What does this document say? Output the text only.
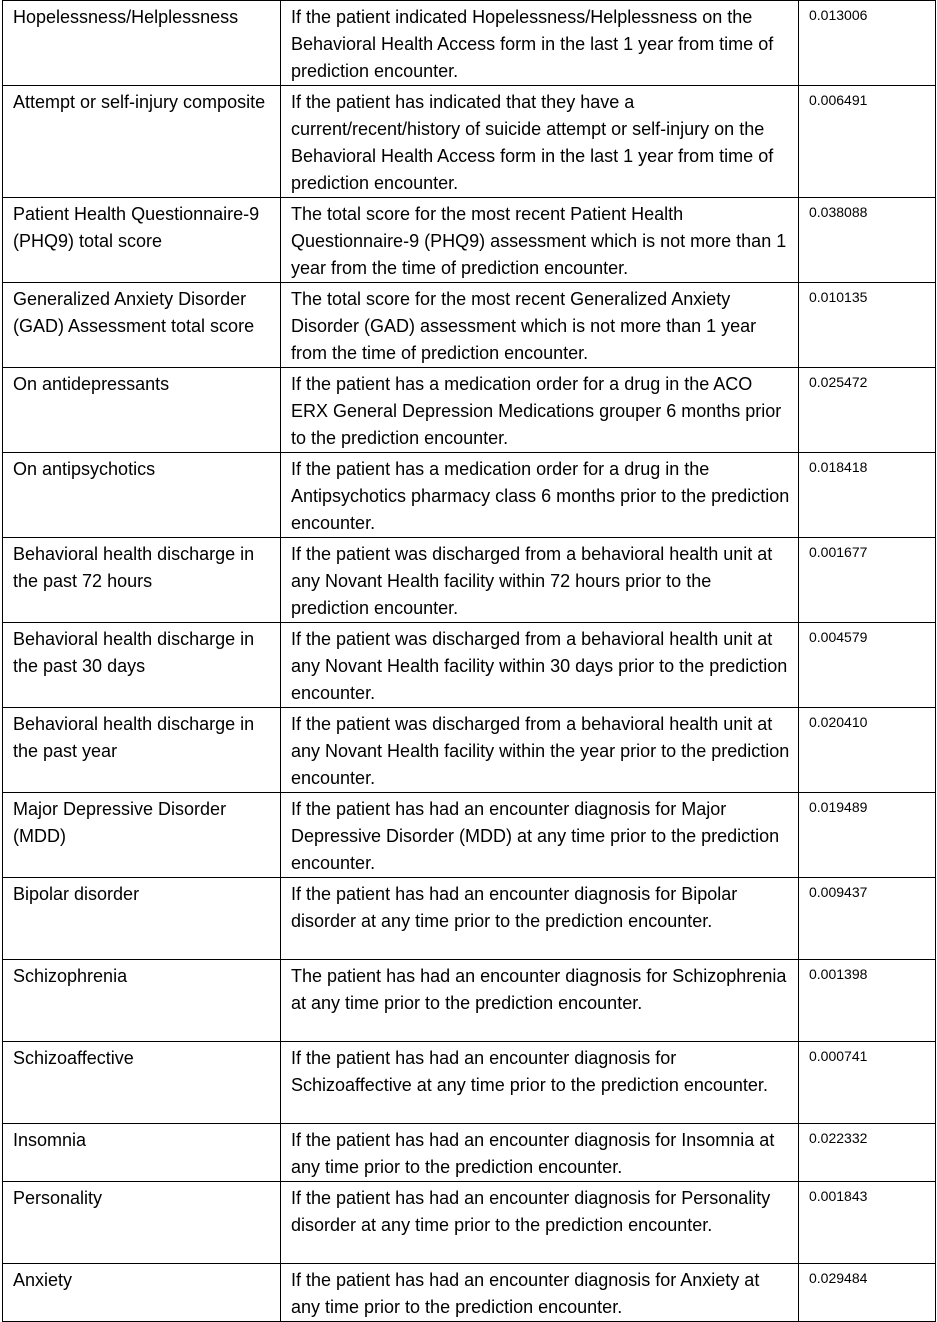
Hopelessness/Helplessness	If the patient indicated Hopelessness/Helplessness on the Behavioral Health Access form in the last 1 year from time of prediction encounter.	0.013006
Attempt or self-injury composite	If the patient has indicated that they have a current/recent/history of suicide attempt or self-injury on the Behavioral Health Access form in the last 1 year from time of prediction encounter.	0.006491
Patient Health Questionnaire-9 (PHQ9) total score	The total score for the most recent Patient Health Questionnaire-9 (PHQ9) assessment which is not more than 1 year from the time of prediction encounter.	0.038088
Generalized Anxiety Disorder (GAD) Assessment total score	The total score for the most recent Generalized Anxiety Disorder (GAD) assessment which is not more than 1 year from the time of prediction encounter.	0.010135
On antidepressants	If the patient has a medication order for a drug in the ACO ERX General Depression Medications grouper 6 months prior to the prediction encounter.	0.025472
On antipsychotics	If the patient has a medication order for a drug in the Antipsychotics pharmacy class 6 months prior to the prediction encounter.	0.018418
Behavioral health discharge in the past 72 hours	If the patient was discharged from a behavioral health unit at any Novant Health facility within 72 hours prior to the prediction encounter.	0.001677
Behavioral health discharge in the past 30 days	If the patient was discharged from a behavioral health unit at any Novant Health facility within 30 days prior to the prediction encounter.	0.004579
Behavioral health discharge in the past year	If the patient was discharged from a behavioral health unit at any Novant Health facility within the year prior to the prediction encounter.	0.020410
Major Depressive Disorder (MDD)	If the patient has had an encounter diagnosis for Major Depressive Disorder (MDD) at any time prior to the prediction encounter.	0.019489
Bipolar disorder	If the patient has had an encounter diagnosis for Bipolar disorder at any time prior to the prediction encounter.	0.009437
Schizophrenia	The patient has had an encounter diagnosis for Schizophrenia at any time prior to the prediction encounter.	0.001398
Schizoaffective	If the patient has had an encounter diagnosis for Schizoaffective at any time prior to the prediction encounter.	0.000741
Insomnia	If the patient has had an encounter diagnosis for Insomnia at any time prior to the prediction encounter.	0.022332
Personality	If the patient has had an encounter diagnosis for Personality disorder at any time prior to the prediction encounter.	0.001843
Anxiety	If the patient has had an encounter diagnosis for Anxiety at any time prior to the prediction encounter.	0.029484
